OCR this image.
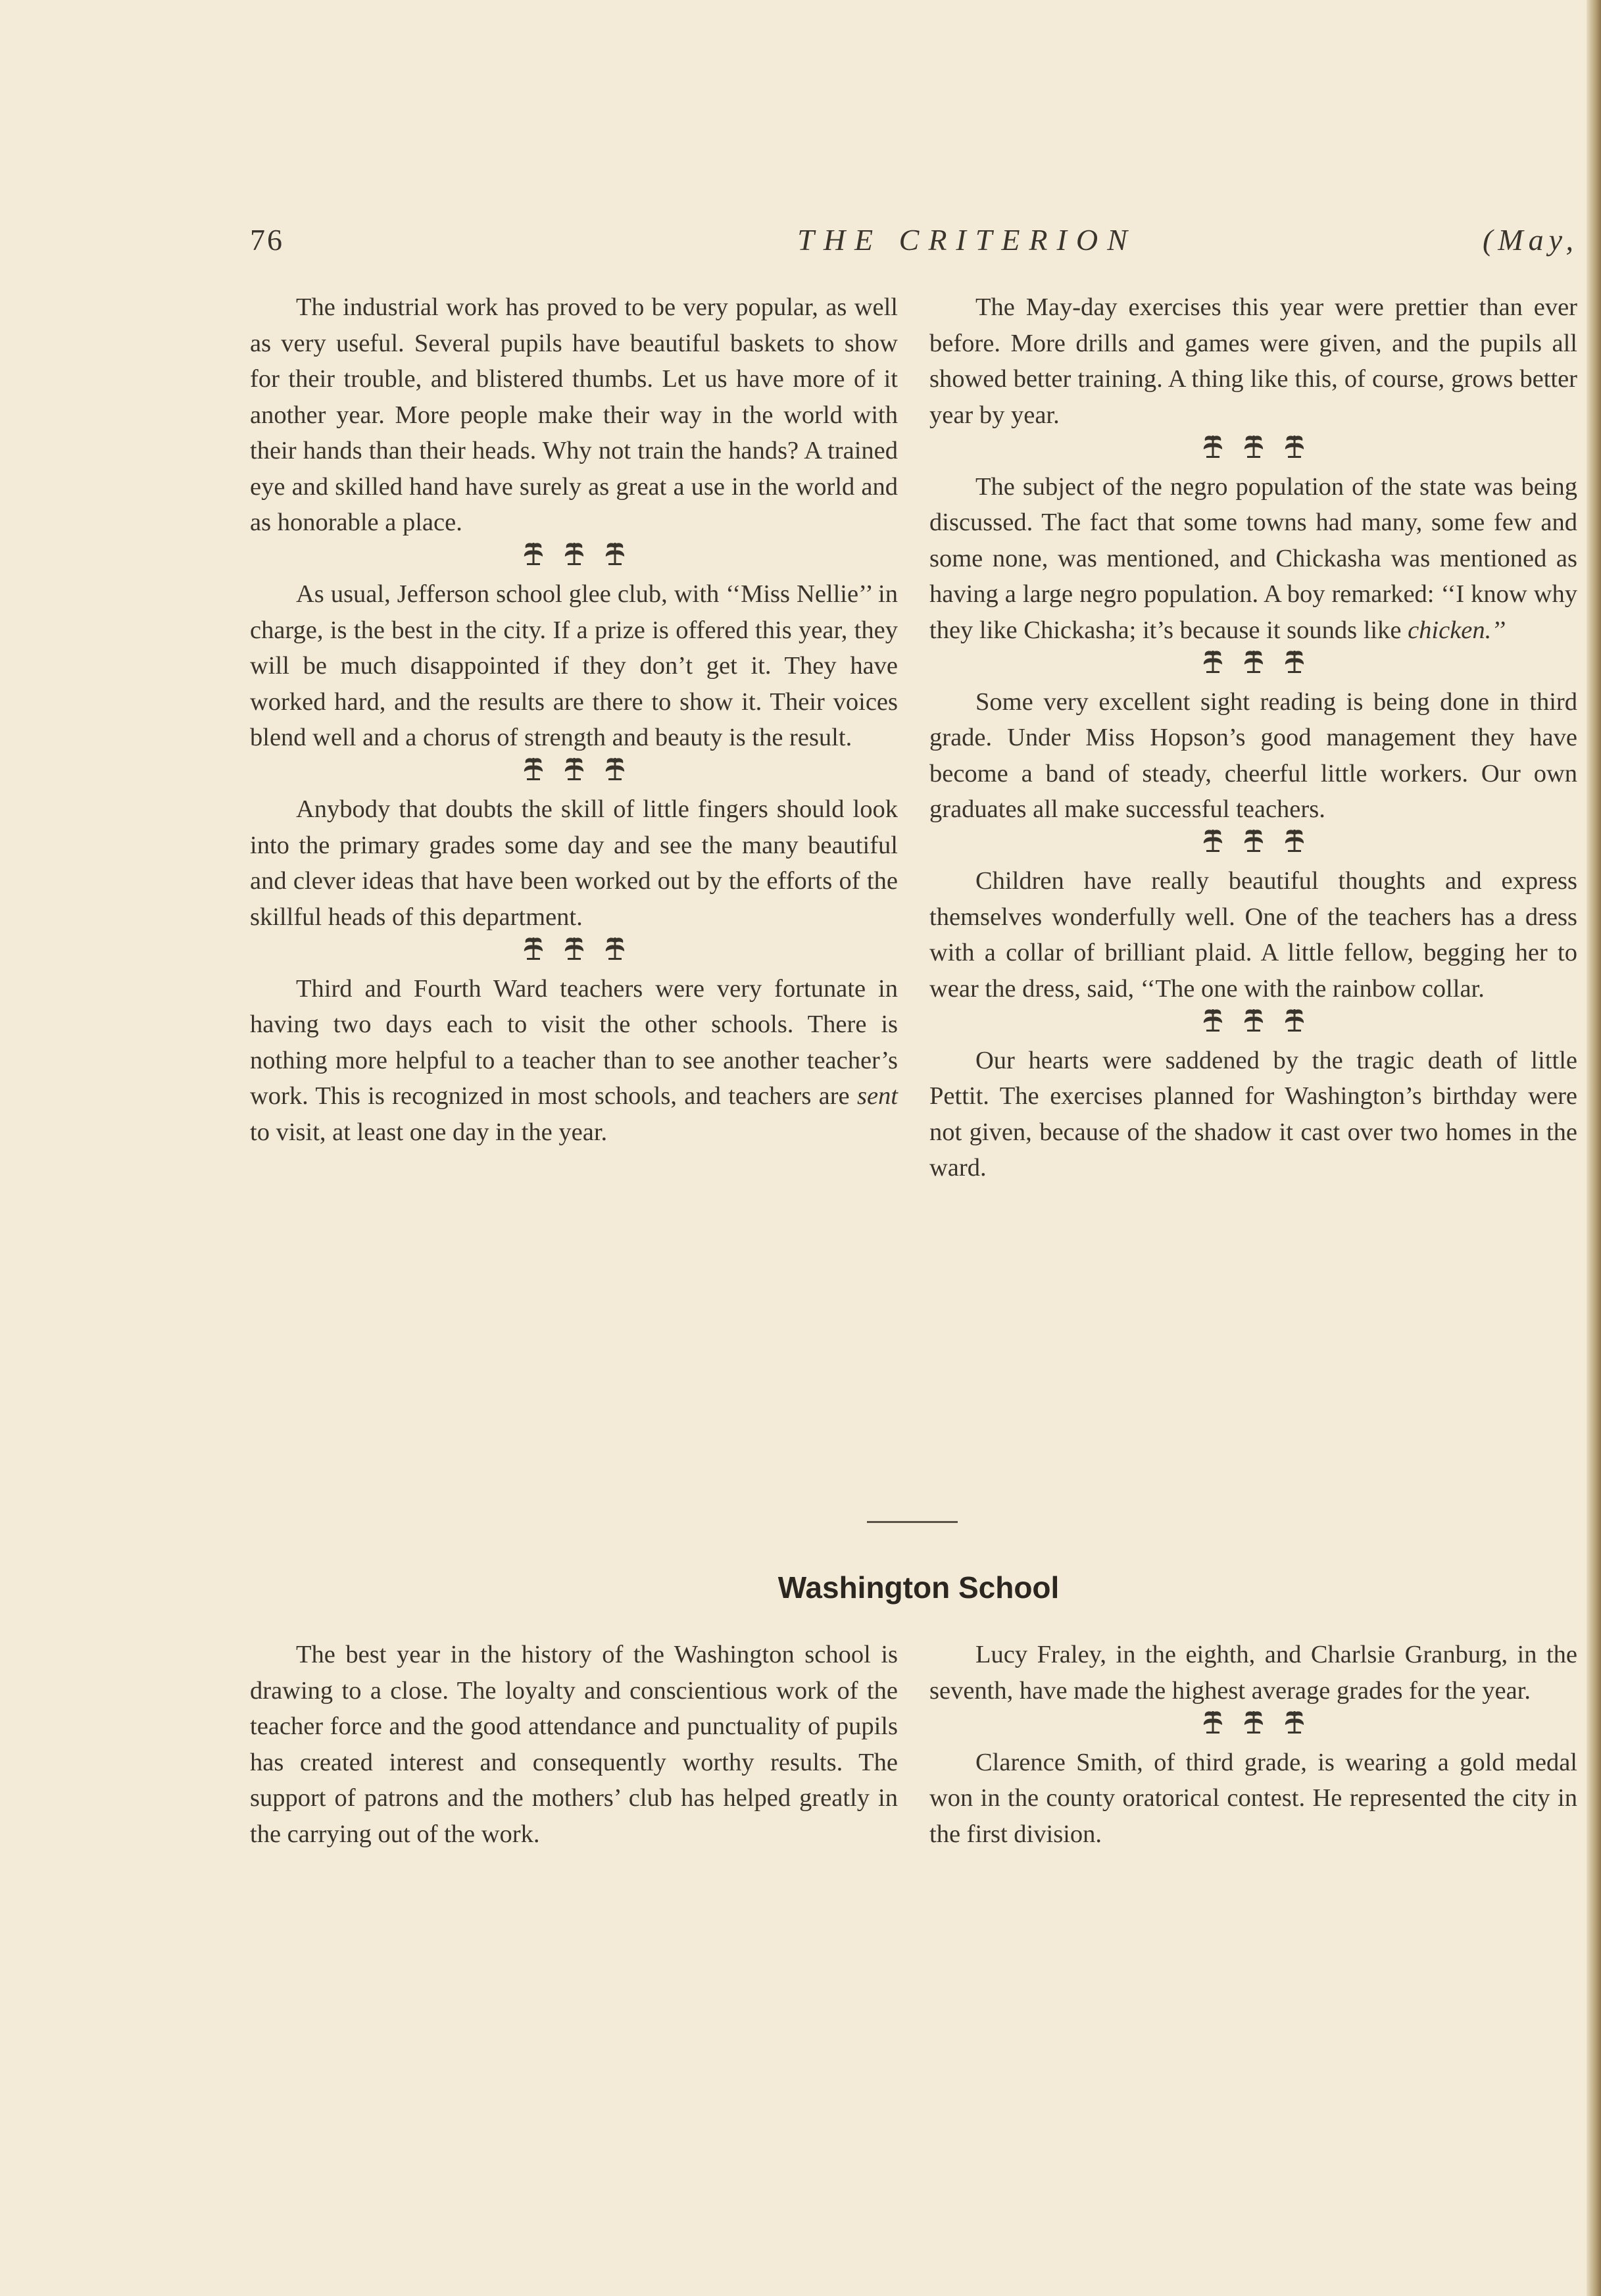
76	THE CRITERION	(May,

The industrial work has proved to be very popular, as well as very useful. Several pupils have beautiful baskets to show for their trouble, and blistered thumbs. Let us have more of it another year. More people make their way in the world with their hands than their heads. Why not train the hands? A trained eye and skilled hand have surely as great a use in the world and as honorable a place.

As usual, Jefferson school glee club, with ‘‘Miss Nellie’’ in charge, is the best in the city. If a prize is offered this year, they will be much disappointed if they don’t get it. They have worked hard, and the results are there to show it. Their voices blend well and a chorus of strength and beauty is the result.

Anybody that doubts the skill of little fingers should look into the primary grades some day and see the many beautiful and clever ideas that have been worked out by the efforts of the skillful heads of this department.

Third and Fourth Ward teachers were very fortunate in having two days each to visit the other schools. There is nothing more helpful to a teacher than to see another teacher’s work. This is recognized in most schools, and teachers are sent to visit, at least one day in the year.

The May-day exercises this year were prettier than ever before. More drills and games were given, and the pupils all showed better training. A thing like this, of course, grows better year by year.

The subject of the negro population of the state was being discussed. The fact that some towns had many, some few and some none, was mentioned, and Chickasha was mentioned as having a large negro population. A boy remarked: ‘‘I know why they like Chickasha; it’s because it sounds like chicken.’’

Some very excellent sight reading is being done in third grade. Under Miss Hopson’s good management they have become a band of steady, cheerful little workers. Our own graduates all make successful teachers.

Children have really beautiful thoughts and express themselves wonderfully well. One of the teachers has a dress with a collar of brilliant plaid. A little fellow, begging her to wear the dress, said, ‘‘The one with the rainbow collar.

Our hearts were saddened by the tragic death of little Pettit. The exercises planned for Washington’s birthday were not given, because of the shadow it cast over two homes in the ward.

Washington School

The best year in the history of the Washington school is drawing to a close. The loyalty and conscientious work of the teacher force and the good attendance and punctuality of pupils has created interest and consequently worthy results. The support of patrons and the mothers’ club has helped greatly in the carrying out of the work.

Lucy Fraley, in the eighth, and Charlsie Granburg, in the seventh, have made the highest average grades for the year.

Clarence Smith, of third grade, is wearing a gold medal won in the county oratorical contest. He represented the city in the first division.
